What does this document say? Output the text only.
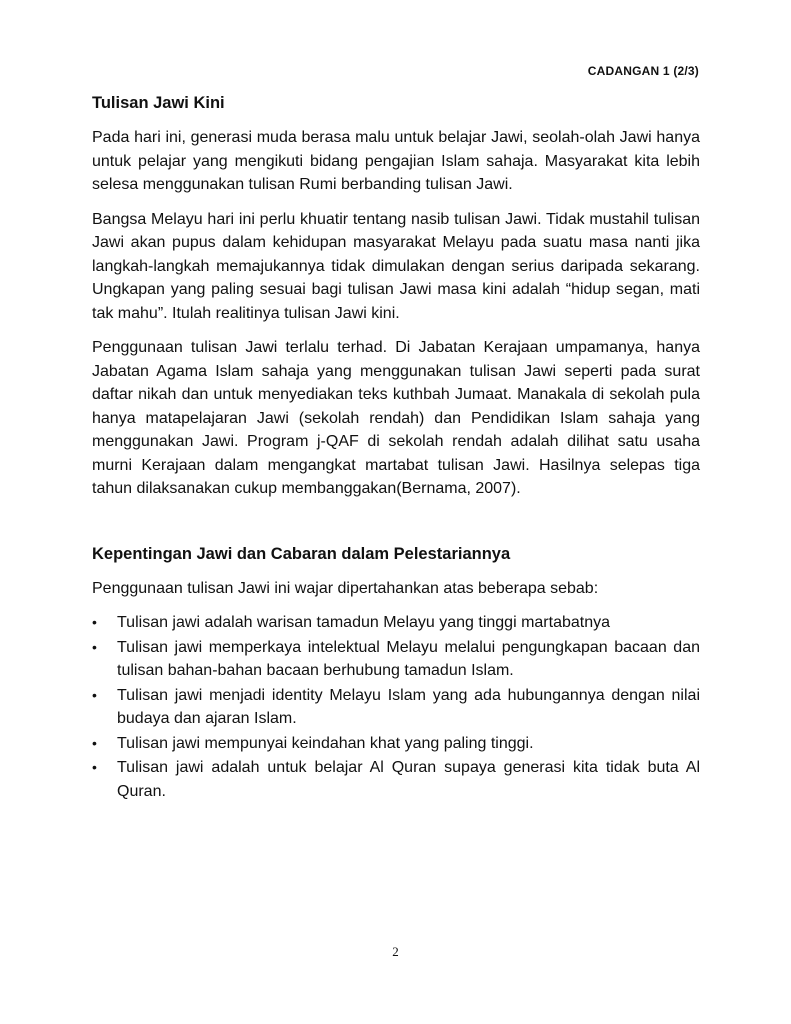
CADANGAN 1 (2/3)
Tulisan Jawi Kini

Pada hari ini, generasi muda berasa malu untuk belajar Jawi, seolah-olah Jawi hanya untuk pelajar yang mengikuti bidang pengajian Islam sahaja. Masyarakat kita lebih selesa menggunakan tulisan Rumi berbanding tulisan Jawi.

Bangsa Melayu hari ini perlu khuatir tentang nasib tulisan Jawi. Tidak mustahil tulisan Jawi akan pupus dalam kehidupan masyarakat Melayu pada suatu masa nanti jika langkah-langkah memajukannya tidak dimulakan dengan serius daripada sekarang. Ungkapan yang paling sesuai bagi tulisan Jawi masa kini adalah “hidup segan, mati tak mahu”. Itulah realitinya tulisan Jawi kini.

Penggunaan tulisan Jawi terlalu terhad. Di Jabatan Kerajaan umpamanya, hanya Jabatan Agama Islam sahaja yang menggunakan tulisan Jawi seperti pada surat daftar nikah dan untuk menyediakan teks kuthbah Jumaat. Manakala di sekolah pula hanya matapelajaran Jawi (sekolah rendah) dan Pendidikan Islam sahaja yang menggunakan Jawi. Program j-QAF di sekolah rendah adalah dilihat satu usaha murni Kerajaan dalam mengangkat martabat tulisan Jawi. Hasilnya selepas tiga tahun dilaksanakan cukup membanggakan(Bernama, 2007).

Kepentingan Jawi dan Cabaran dalam Pelestariannya

Penggunaan tulisan Jawi ini wajar dipertahankan atas beberapa sebab:

•	Tulisan jawi adalah warisan tamadun Melayu yang tinggi martabatnya
•	Tulisan jawi memperkaya intelektual Melayu melalui pengungkapan bacaan dan tulisan bahan-bahan bacaan berhubung tamadun Islam.
•	Tulisan jawi menjadi identity Melayu Islam yang ada hubungannya dengan nilai budaya dan ajaran Islam.
•	Tulisan jawi mempunyai keindahan khat yang paling tinggi.
•	Tulisan jawi adalah untuk belajar Al Quran supaya generasi kita tidak buta Al Quran.
2
